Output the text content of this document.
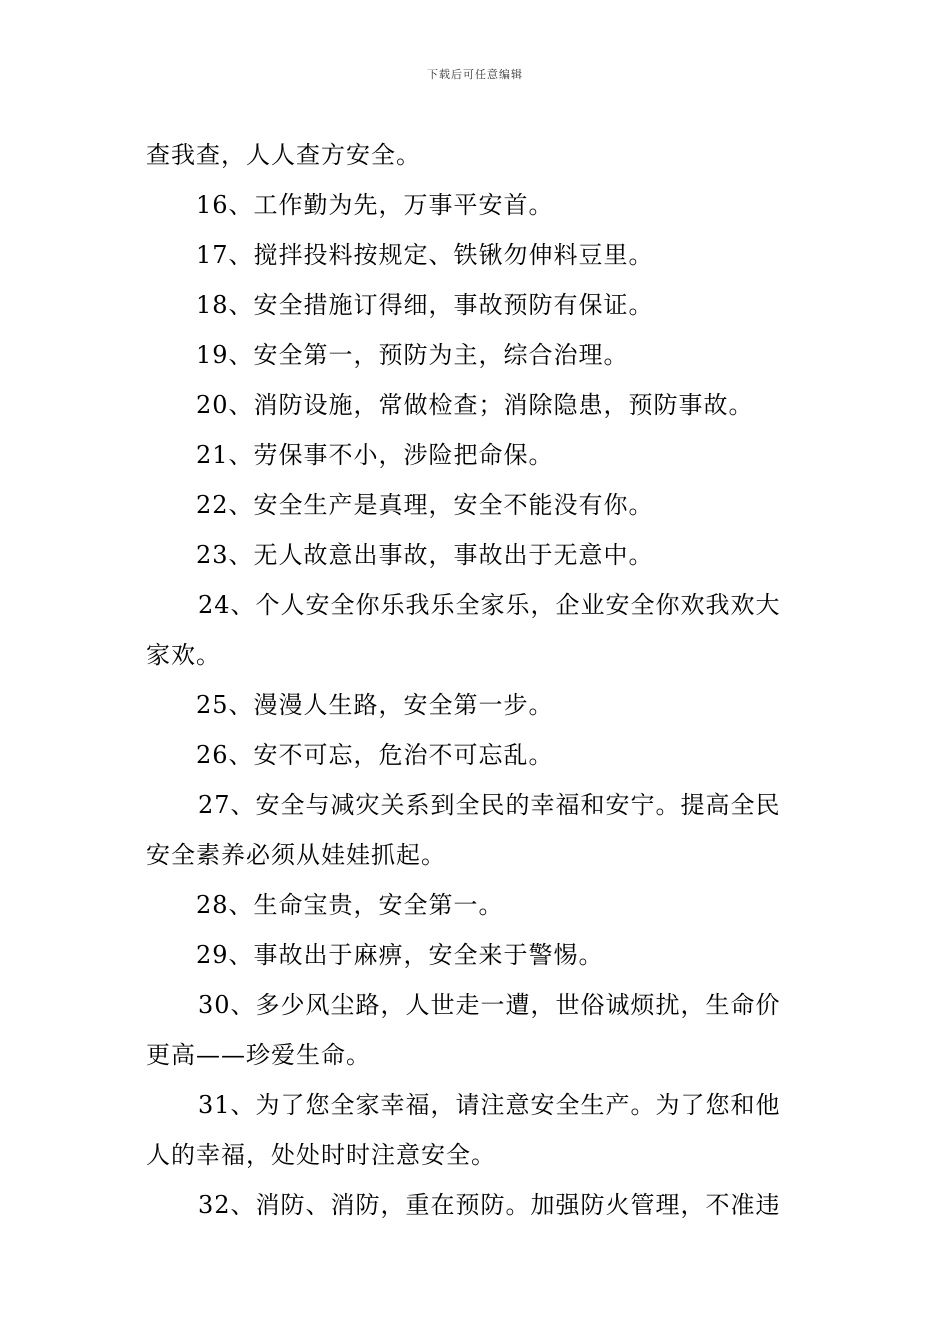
下载后可任意编辑
查我查，人人查方安全。
16、工作勤为先，万事平安首。
17、搅拌投料按规定、铁锹勿伸料豆里。
18、安全措施订得细，事故预防有保证。
19、安全第一，预防为主，综合治理。
20、消防设施，常做检查；消除隐患，预防事故。
21、劳保事不小，涉险把命保。
22、安全生产是真理，安全不能没有你。
23、无人故意出事故，事故出于无意中。
24、个人安全你乐我乐全家乐，企业安全你欢我欢大
家欢。
25、漫漫人生路，安全第一步。
26、安不可忘，危治不可忘乱。
27、安全与减灾关系到全民的幸福和安宁。提高全民
安全素养必须从娃娃抓起。
28、生命宝贵，安全第一。
29、事故出于麻痹，安全来于警惕。
30、多少风尘路，人世走一遭，世俗诚烦扰，生命价
更高——珍爱生命。
31、为了您全家幸福，请注意安全生产。为了您和他
人的幸福，处处时时注意安全。
32、消防、消防，重在预防。加强防火管理，不准违
